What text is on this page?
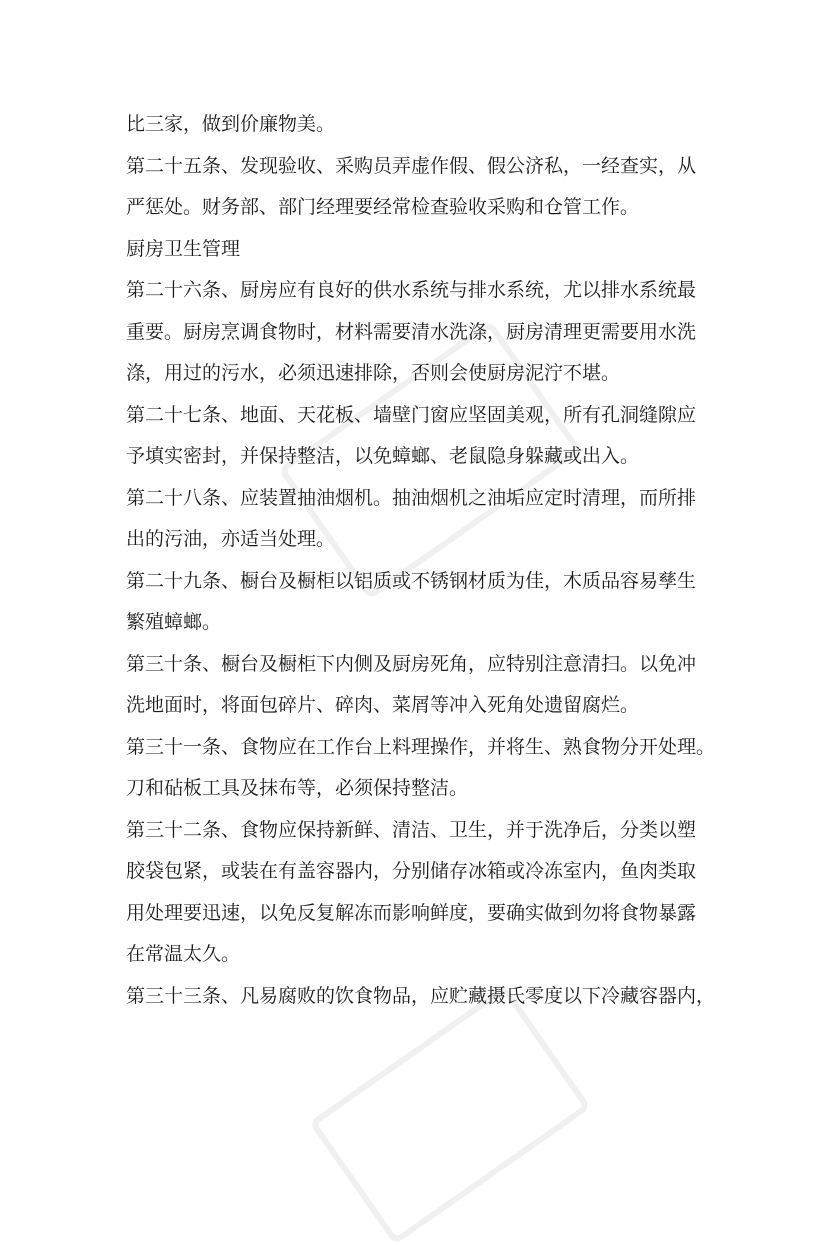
比三家，做到价廉物美。

第二十五条、发现验收、采购员弄虚作假、假公济私，一经查实，从
严惩处。财务部、部门经理要经常检查验收采购和仓管工作。

厨房卫生管理

第二十六条、厨房应有良好的供水系统与排水系统，尤以排水系统最
重要。厨房烹调食物时，材料需要清水洗涤，厨房清理更需要用水洗
涤，用过的污水，必须迅速排除，否则会使厨房泥泞不堪。

第二十七条、地面、天花板、墙壁门窗应坚固美观，所有孔洞缝隙应
予填实密封，并保持整洁，以免蟑螂、老鼠隐身躲藏或出入。

第二十八条、应装置抽油烟机。抽油烟机之油垢应定时清理，而所排
出的污油，亦适当处理。

第二十九条、橱台及橱柜以铝质或不锈钢材质为佳，木质品容易孳生
繁殖蟑螂。

第三十条、橱台及橱柜下内侧及厨房死角，应特别注意清扫。以免冲
洗地面时，将面包碎片、碎肉、菜屑等冲入死角处遗留腐烂。

第三十一条、食物应在工作台上料理操作，并将生、熟食物分开处理。
刀和砧板工具及抹布等，必须保持整洁。

第三十二条、食物应保持新鲜、清洁、卫生，并于洗净后，分类以塑
胶袋包紧，或装在有盖容器内，分别储存冰箱或冷冻室内，鱼肉类取
用处理要迅速，以免反复解冻而影响鲜度，要确实做到勿将食物暴露
在常温太久。

第三十三条、凡易腐败的饮食物品，应贮藏摄氏零度以下冷藏容器内，
